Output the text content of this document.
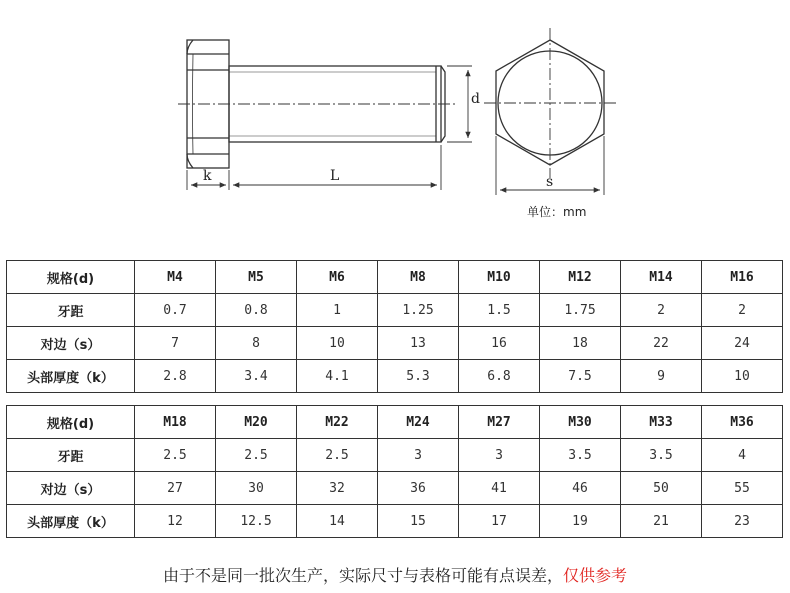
d
k	L	s
单位：mm
规格(d)	M4	M5	M6	M8	M10	M12	M14	M16
牙距	0.7	0.8	1	1.25	1.5	1.75	2	2
对边（s）	7	8	10	13	16	18	22	24
头部厚度（k）	2.8	3.4	4.1	5.3	6.8	7.5	9	10
规格(d)	M18	M20	M22	M24	M27	M30	M33	M36
牙距	2.5	2.5	2.5	3	3	3.5	3.5	4
对边（s）	27	30	32	36	41	46	50	55
头部厚度（k）	12	12.5	14	15	17	19	21	23
由于不是同一批次生产，实际尺寸与表格可能有点误差，仅供参考
